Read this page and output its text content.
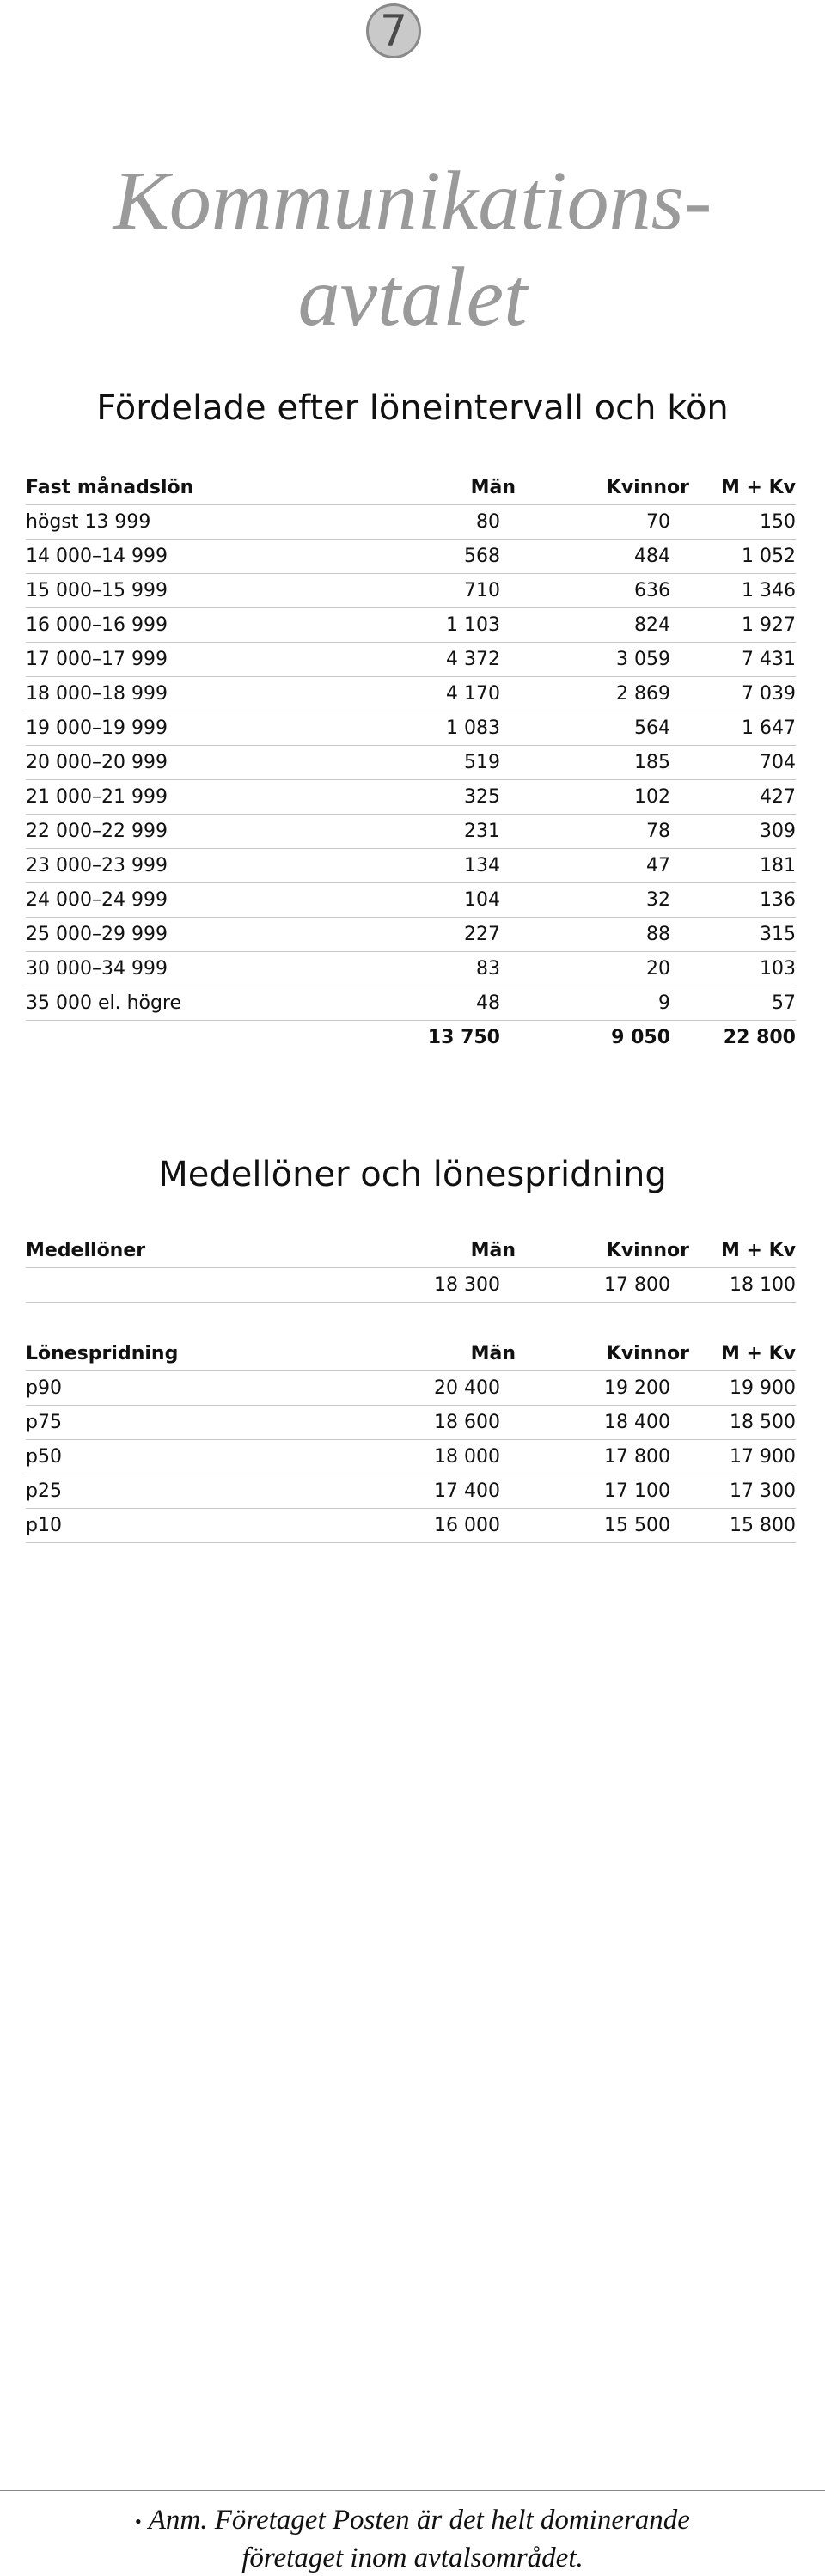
7
Kommunikations-
avtalet
Fördelade efter löneintervall och kön
Fast månadslön	Män	Kvinnor	M + Kv
högst 13 999	80	70	150
14 000–14 999	568	484	1 052
15 000–15 999	710	636	1 346
16 000–16 999	1 103	824	1 927
17 000–17 999	4 372	3 059	7 431
18 000–18 999	4 170	2 869	7 039
19 000–19 999	1 083	564	1 647
20 000–20 999	519	185	704
21 000–21 999	325	102	427
22 000–22 999	231	78	309
23 000–23 999	134	47	181
24 000–24 999	104	32	136
25 000–29 999	227	88	315
30 000–34 999	83	20	103
35 000 el. högre	48	9	57
	13 750	9 050	22 800
Medellöner och lönespridning
Medellöner	Män	Kvinnor	M + Kv
	18 300	17 800	18 100
Lönespridning	Män	Kvinnor	M + Kv
p90	20 400	19 200	19 900
p75	18 600	18 400	18 500
p50	18 000	17 800	17 900
p25	17 400	17 100	17 300
p10	16 000	15 500	15 800
• Anm. Företaget Posten är det helt dominerande
företaget inom avtalsområdet.
